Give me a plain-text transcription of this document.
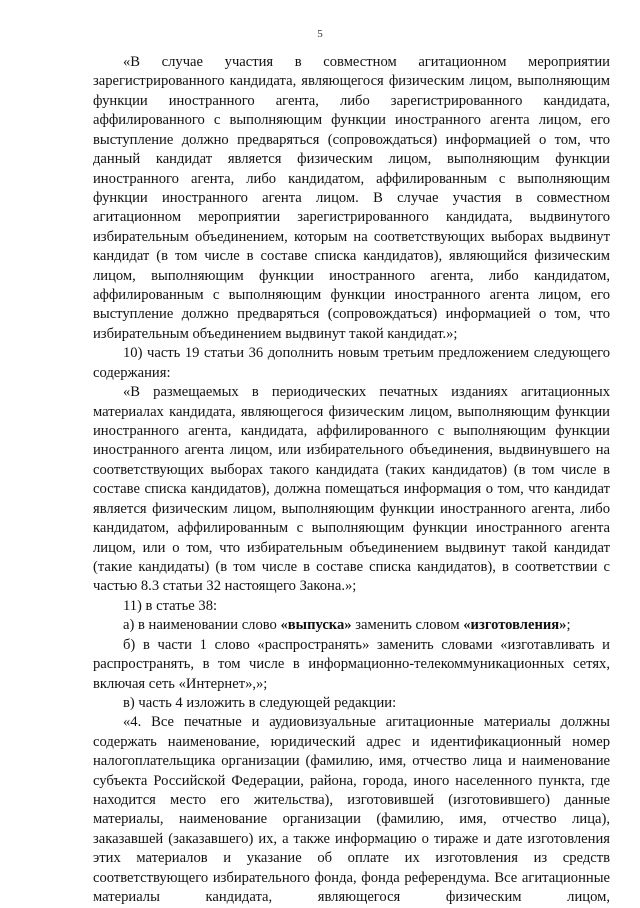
5

«В случае участия в совместном агитационном мероприятии зарегистрированного кандидата, являющегося физическим лицом, выполняющим функции иностранного агента, либо зарегистрированного кандидата, аффилированного с выполняющим функции иностранного агента лицом, его выступление должно предваряться (сопровождаться) информацией о том, что данный кандидат является физическим лицом, выполняющим функции иностранного агента, либо кандидатом, аффилированным с выполняющим функции иностранного агента лицом. В случае участия в совместном агитационном мероприятии зарегистрированного кандидата, выдвинутого избирательным объединением, которым на соответствующих выборах выдвинут кандидат (в том числе в составе списка кандидатов), являющийся физическим лицом, выполняющим функции иностранного агента, либо кандидатом, аффилированным с выполняющим функции иностранного агента лицом, его выступление должно предваряться (сопровождаться) информацией о том, что избирательным объединением выдвинут такой кандидат.»;

10) часть 19 статьи 36 дополнить новым третьим предложением следующего содержания:

«В размещаемых в периодических печатных изданиях агитационных материалах кандидата, являющегося физическим лицом, выполняющим функции иностранного агента, кандидата, аффилированного с выполняющим функции иностранного агента лицом, или избирательного объединения, выдвинувшего на соответствующих выборах такого кандидата (таких кандидатов) (в том числе в составе списка кандидатов), должна помещаться информация о том, что кандидат является физическим лицом, выполняющим функции иностранного агента, либо кандидатом, аффилированным с выполняющим функции иностранного агента лицом, или о том, что избирательным объединением выдвинут такой кандидат (такие кандидаты) (в том числе в составе списка кандидатов), в соответствии с частью 8.3 статьи 32 настоящего Закона.»;

11) в статье 38:

а) в наименовании слово «выпуска» заменить словом «изготовления»;

б) в части 1 слово «распространять» заменить словами «изготавливать и распространять, в том числе в информационно-телекоммуникационных сетях, включая сеть «Интернет»,»;

в) часть 4 изложить в следующей редакции:

«4. Все печатные и аудиовизуальные агитационные материалы должны содержать наименование, юридический адрес и идентификационный номер налогоплательщика организации (фамилию, имя, отчество лица и наименование субъекта Российской Федерации, района, города, иного населенного пункта, где находится место его жительства), изготовившей (изготовившего) данные материалы, наименование организации (фамилию, имя, отчество лица), заказавшей (заказавшего) их, а также информацию о тираже и дате изготовления этих материалов и указание об оплате их изготовления из средств соответствующего избирательного фонда, фонда референдума. Все агитационные материалы кандидата, являющегося физическим лицом,
